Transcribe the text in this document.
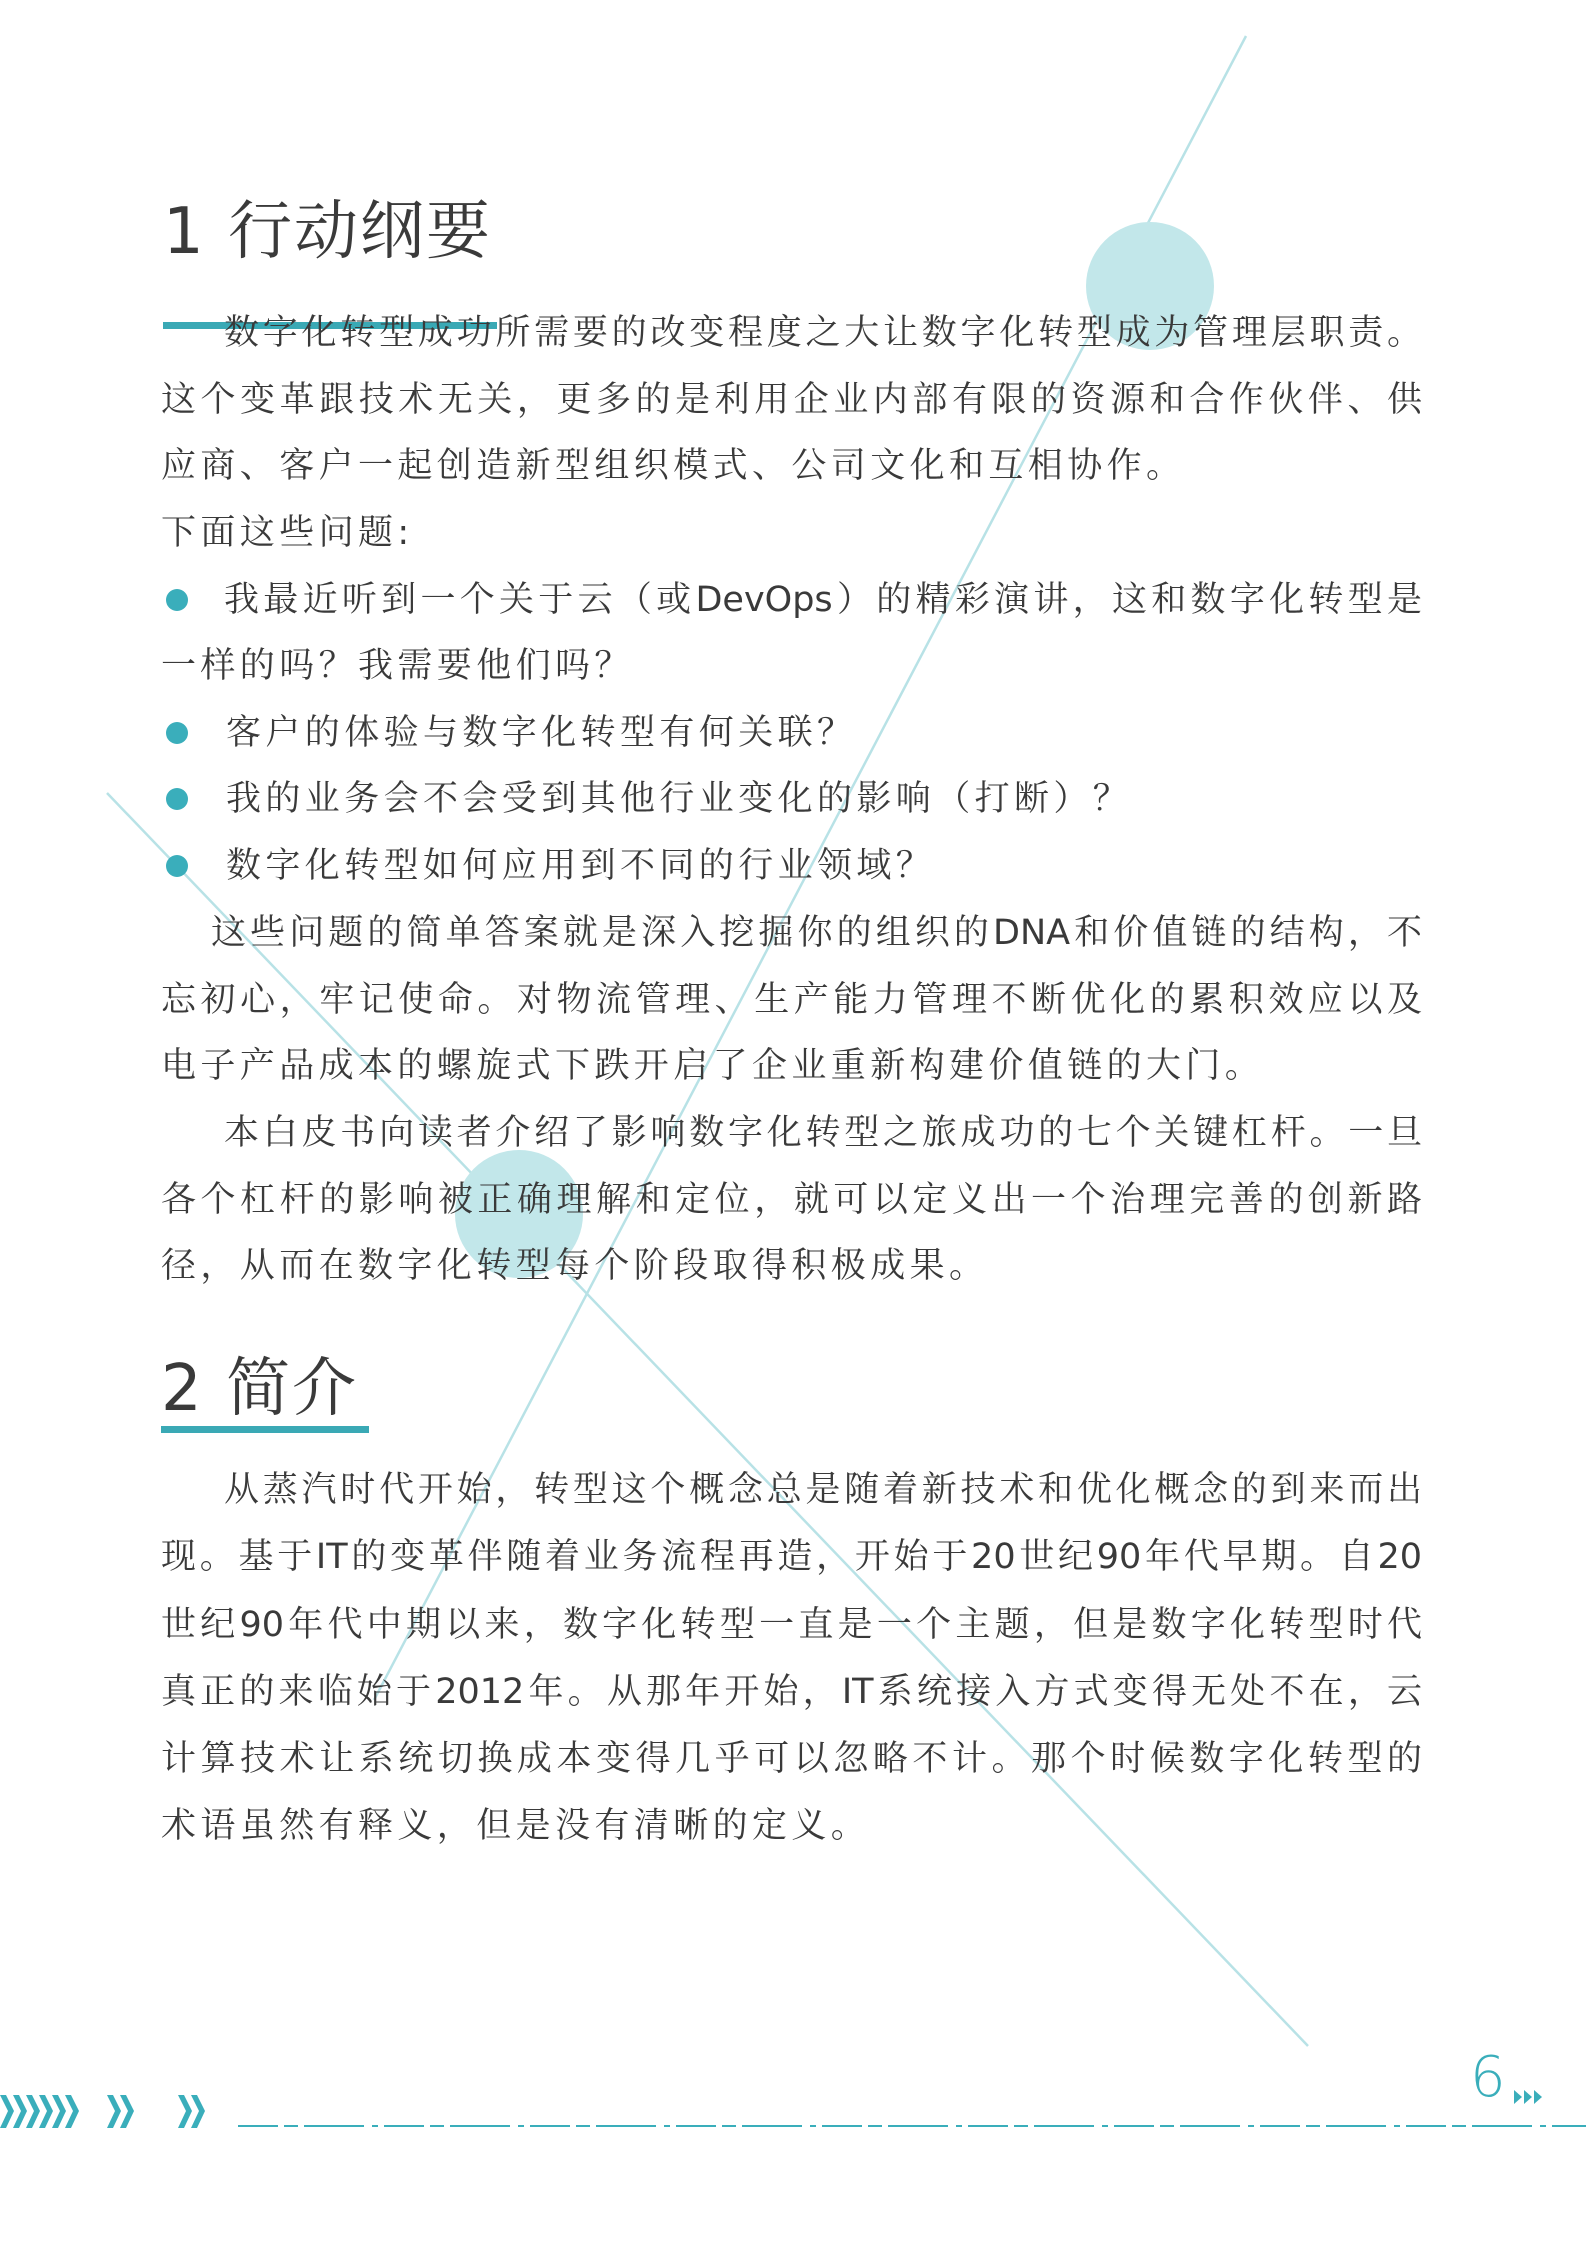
1 行动纲要
数字化转型成功所需要的改变程度之大让数字化转型成为管理层职责。
这个变革跟技术无关，更多的是利用企业内部有限的资源和合作伙伴、供
应商、客户一起创造新型组织模式、公司文化和互相协作。
下面这些问题:
我最近听到一个关于云（或DevOps）的精彩演讲，这和数字化转型是
一样的吗？我需要他们吗？
客户的体验与数字化转型有何关联？
我的业务会不会受到其他行业变化的影响（打断）？
数字化转型如何应用到不同的行业领域？
这些问题的简单答案就是深入挖掘你的组织的DNA和价值链的结构，不
忘初心，牢记使命。对物流管理、生产能力管理不断优化的累积效应以及
电子产品成本的螺旋式下跌开启了企业重新构建价值链的大门。
本白皮书向读者介绍了影响数字化转型之旅成功的七个关键杠杆。一旦
各个杠杆的影响被正确理解和定位，就可以定义出一个治理完善的创新路
径，从而在数字化转型每个阶段取得积极成果。
2 简介
从蒸汽时代开始，转型这个概念总是随着新技术和优化概念的到来而出
现。基于IT的变革伴随着业务流程再造，开始于20世纪90年代早期。自20
世纪90年代中期以来，数字化转型一直是一个主题，但是数字化转型时代
真正的来临始于2012年。从那年开始，IT系统接入方式变得无处不在，云
计算技术让系统切换成本变得几乎可以忽略不计。那个时候数字化转型的
术语虽然有释义，但是没有清晰的定义。
6
